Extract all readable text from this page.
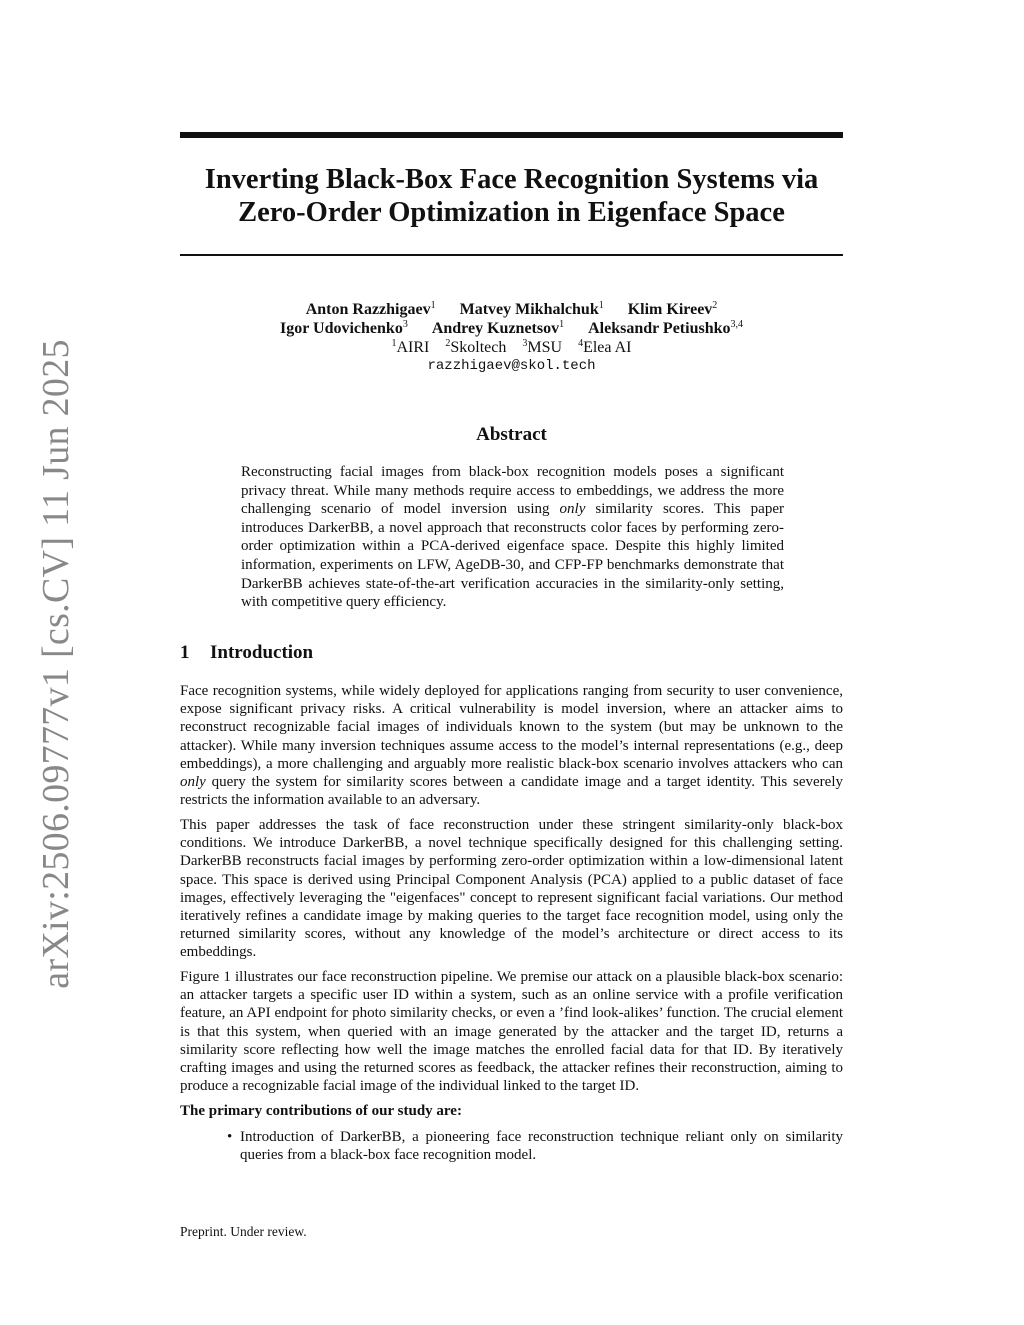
arXiv:2506.09777v1 [cs.CV] 11 Jun 2025
Inverting Black-Box Face Recognition Systems via
Zero-Order Optimization in Eigenface Space
Anton Razzhigaev$^1$ Matvey Mikhalchuk$^1$ Klim Kireev$^2$
Igor Udovichenko$^3$ Andrey Kuznetsov$^1$ Aleksandr Petiushko$^{3,4}$
$^1$AIRI $^2$Skoltech $^3$MSU $^4$Elea AI
razzhigaev@skol.tech
Abstract

Reconstructing facial images from black-box recognition models poses a significant privacy threat. While many methods require access to embeddings, we address the more challenging scenario of model inversion using only similarity scores. This paper introduces DarkerBB, a novel approach that reconstructs color faces by performing zero-order optimization within a PCA-derived eigenface space. Despite this highly limited information, experiments on LFW, AgeDB-30, and CFP-FP benchmarks demonstrate that DarkerBB achieves state-of-the-art verification accuracies in the similarity-only setting, with competitive query efficiency.

1 Introduction

Face recognition systems, while widely deployed for applications ranging from security to user convenience, expose significant privacy risks. A critical vulnerability is model inversion, where an attacker aims to reconstruct recognizable facial images of individuals known to the system (but may be unknown to the attacker). While many inversion techniques assume access to the model’s internal representations (e.g., deep embeddings), a more challenging and arguably more realistic black-box scenario involves attackers who can only query the system for similarity scores between a candidate image and a target identity. This severely restricts the information available to an adversary.

This paper addresses the task of face reconstruction under these stringent similarity-only black-box conditions. We introduce DarkerBB, a novel technique specifically designed for this challenging setting. DarkerBB reconstructs facial images by performing zero-order optimization within a low-dimensional latent space. This space is derived using Principal Component Analysis (PCA) applied to a public dataset of face images, effectively leveraging the "eigenfaces" concept to represent significant facial variations. Our method iteratively refines a candidate image by making queries to the target face recognition model, using only the returned similarity scores, without any knowledge of the model’s architecture or direct access to its embeddings.

Figure 1 illustrates our face reconstruction pipeline. We premise our attack on a plausible black-box scenario: an attacker targets a specific user ID within a system, such as an online service with a profile verification feature, an API endpoint for photo similarity checks, or even a ’find look-alikes’ function. The crucial element is that this system, when queried with an image generated by the attacker and the target ID, returns a similarity score reflecting how well the image matches the enrolled facial data for that ID. By iteratively crafting images and using the returned scores as feedback, the attacker refines their reconstruction, aiming to produce a recognizable facial image of the individual linked to the target ID.

The primary contributions of our study are:

• Introduction of DarkerBB, a pioneering face reconstruction technique reliant only on similarity queries from a black-box face recognition model.
Preprint. Under review.
